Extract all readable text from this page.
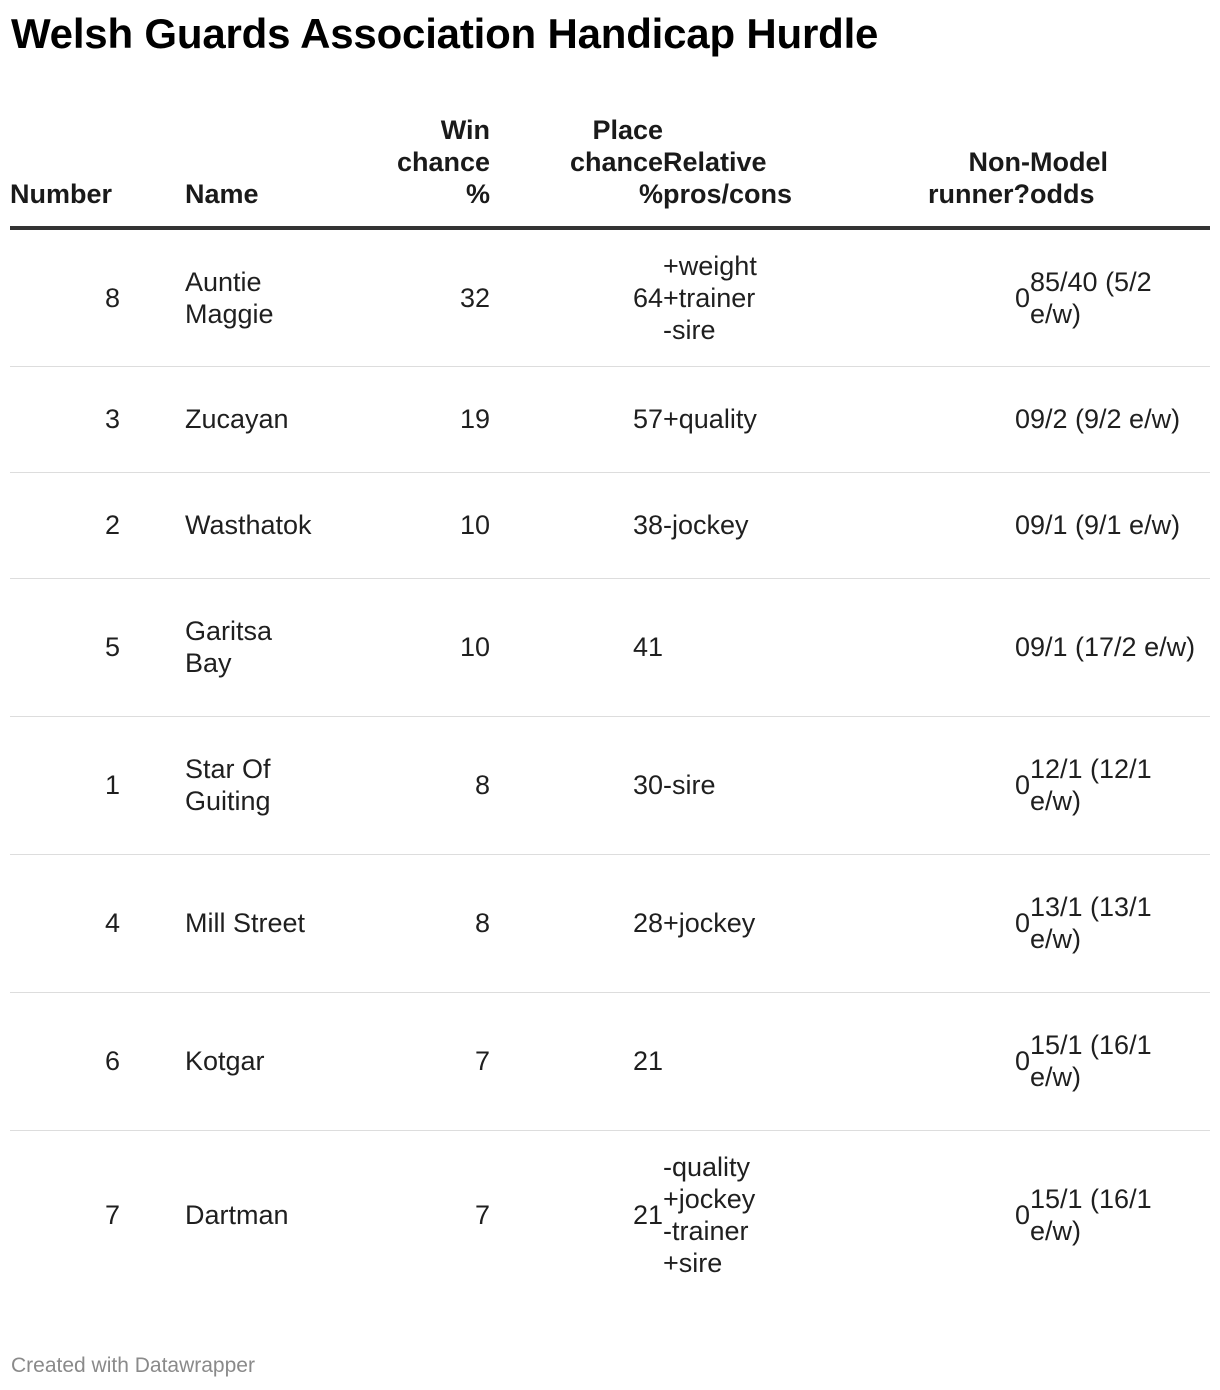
Welsh Guards Association Handicap Hurdle
Number	Name	Win
chance
%	Place
chance
%	Relative
pros/cons	Non-
runner?	Model
odds

8	Auntie Maggie	32	64	+weight
+trainer
-sire	0	85/40 (5/2 e/w)

3	Zucayan	19	57	+quality	0	9/2 (9/2 e/w)

2	Wasthatok	10	38	-jockey	0	9/1 (9/1 e/w)

5	Garitsa Bay	10	41		0	9/1 (17/2 e/w)

1	Star Of Guiting	8	30	-sire	0	12/1 (12/1 e/w)

4	Mill Street	8	28	+jockey	0	13/1 (13/1 e/w)

6	Kotgar	7	21		0	15/1 (16/1 e/w)

7	Dartman	7	21	-quality
+jockey
-trainer
+sire	0	15/1 (16/1 e/w)
Created with Datawrapper
